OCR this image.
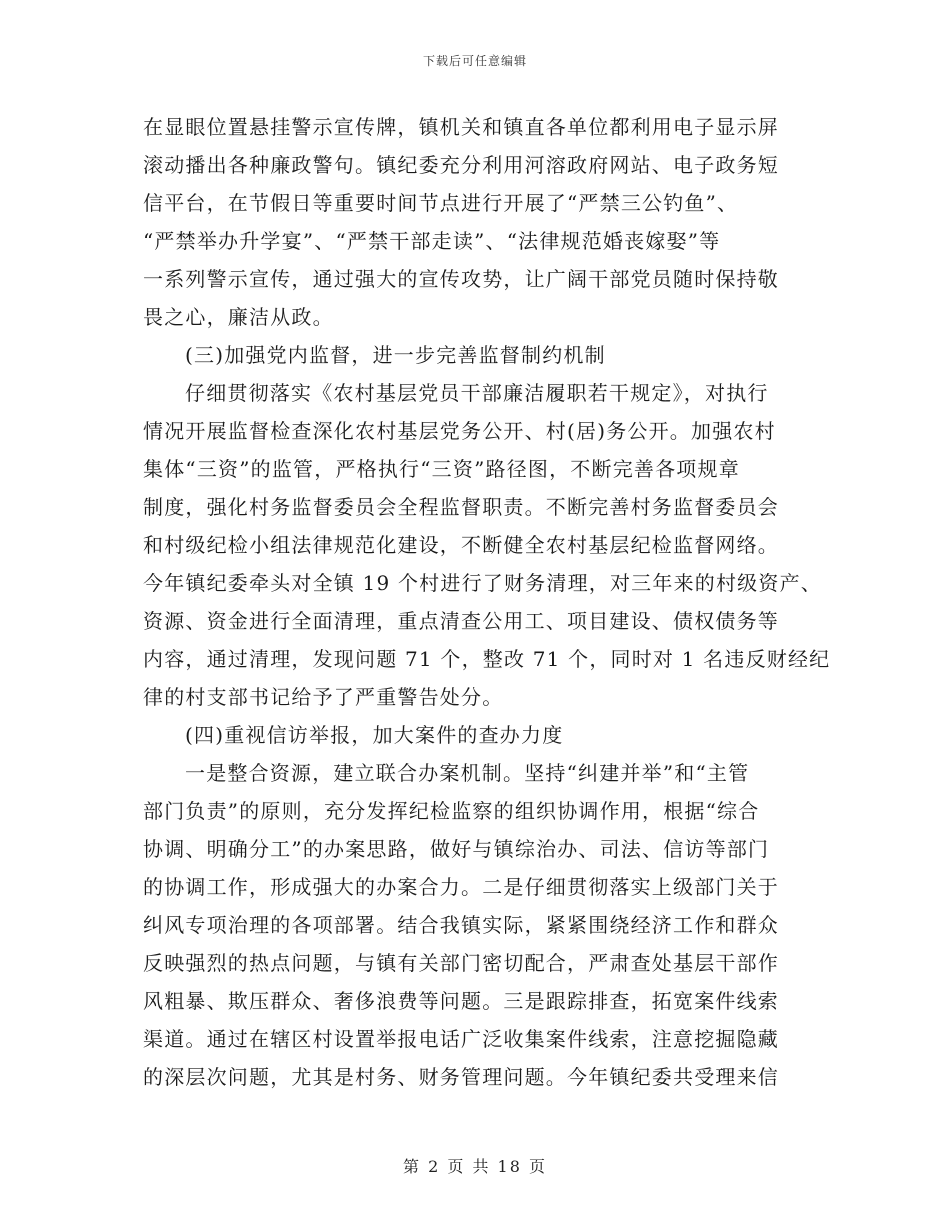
下载后可任意编辑
在显眼位置悬挂警示宣传牌，镇机关和镇直各单位都利用电子显示屏
滚动播出各种廉政警句。镇纪委充分利用河溶政府网站、电子政务短
信平台，在节假日等重要时间节点进行开展了“严禁三公钓鱼”、
“严禁举办升学宴”、“严禁干部走读”、“法律规范婚丧嫁娶”等
一系列警示宣传，通过强大的宣传攻势，让广阔干部党员随时保持敬
畏之心，廉洁从政。
(三)加强党内监督，进一步完善监督制约机制
仔细贯彻落实《农村基层党员干部廉洁履职若干规定》，对执行
情况开展监督检查深化农村基层党务公开、村(居)务公开。加强农村
集体“三资”的监管，严格执行“三资”路径图，不断完善各项规章
制度，强化村务监督委员会全程监督职责。不断完善村务监督委员会
和村级纪检小组法律规范化建设，不断健全农村基层纪检监督网络。
今年镇纪委牵头对全镇 19 个村进行了财务清理，对三年来的村级资产、
资源、资金进行全面清理，重点清查公用工、项目建设、债权债务等
内容，通过清理，发现问题 71 个，整改 71 个，同时对 1 名违反财经纪
律的村支部书记给予了严重警告处分。
(四)重视信访举报，加大案件的查办力度
一是整合资源，建立联合办案机制。坚持“纠建并举”和“主管
部门负责”的原则，充分发挥纪检监察的组织协调作用，根据“综合
协调、明确分工”的办案思路，做好与镇综治办、司法、信访等部门
的协调工作，形成强大的办案合力。二是仔细贯彻落实上级部门关于
纠风专项治理的各项部署。结合我镇实际，紧紧围绕经济工作和群众
反映强烈的热点问题，与镇有关部门密切配合，严肃查处基层干部作
风粗暴、欺压群众、奢侈浪费等问题。三是跟踪排查，拓宽案件线索
渠道。通过在辖区村设置举报电话广泛收集案件线索，注意挖掘隐藏
的深层次问题，尤其是村务、财务管理问题。今年镇纪委共受理来信
第 2 页 共 18 页
